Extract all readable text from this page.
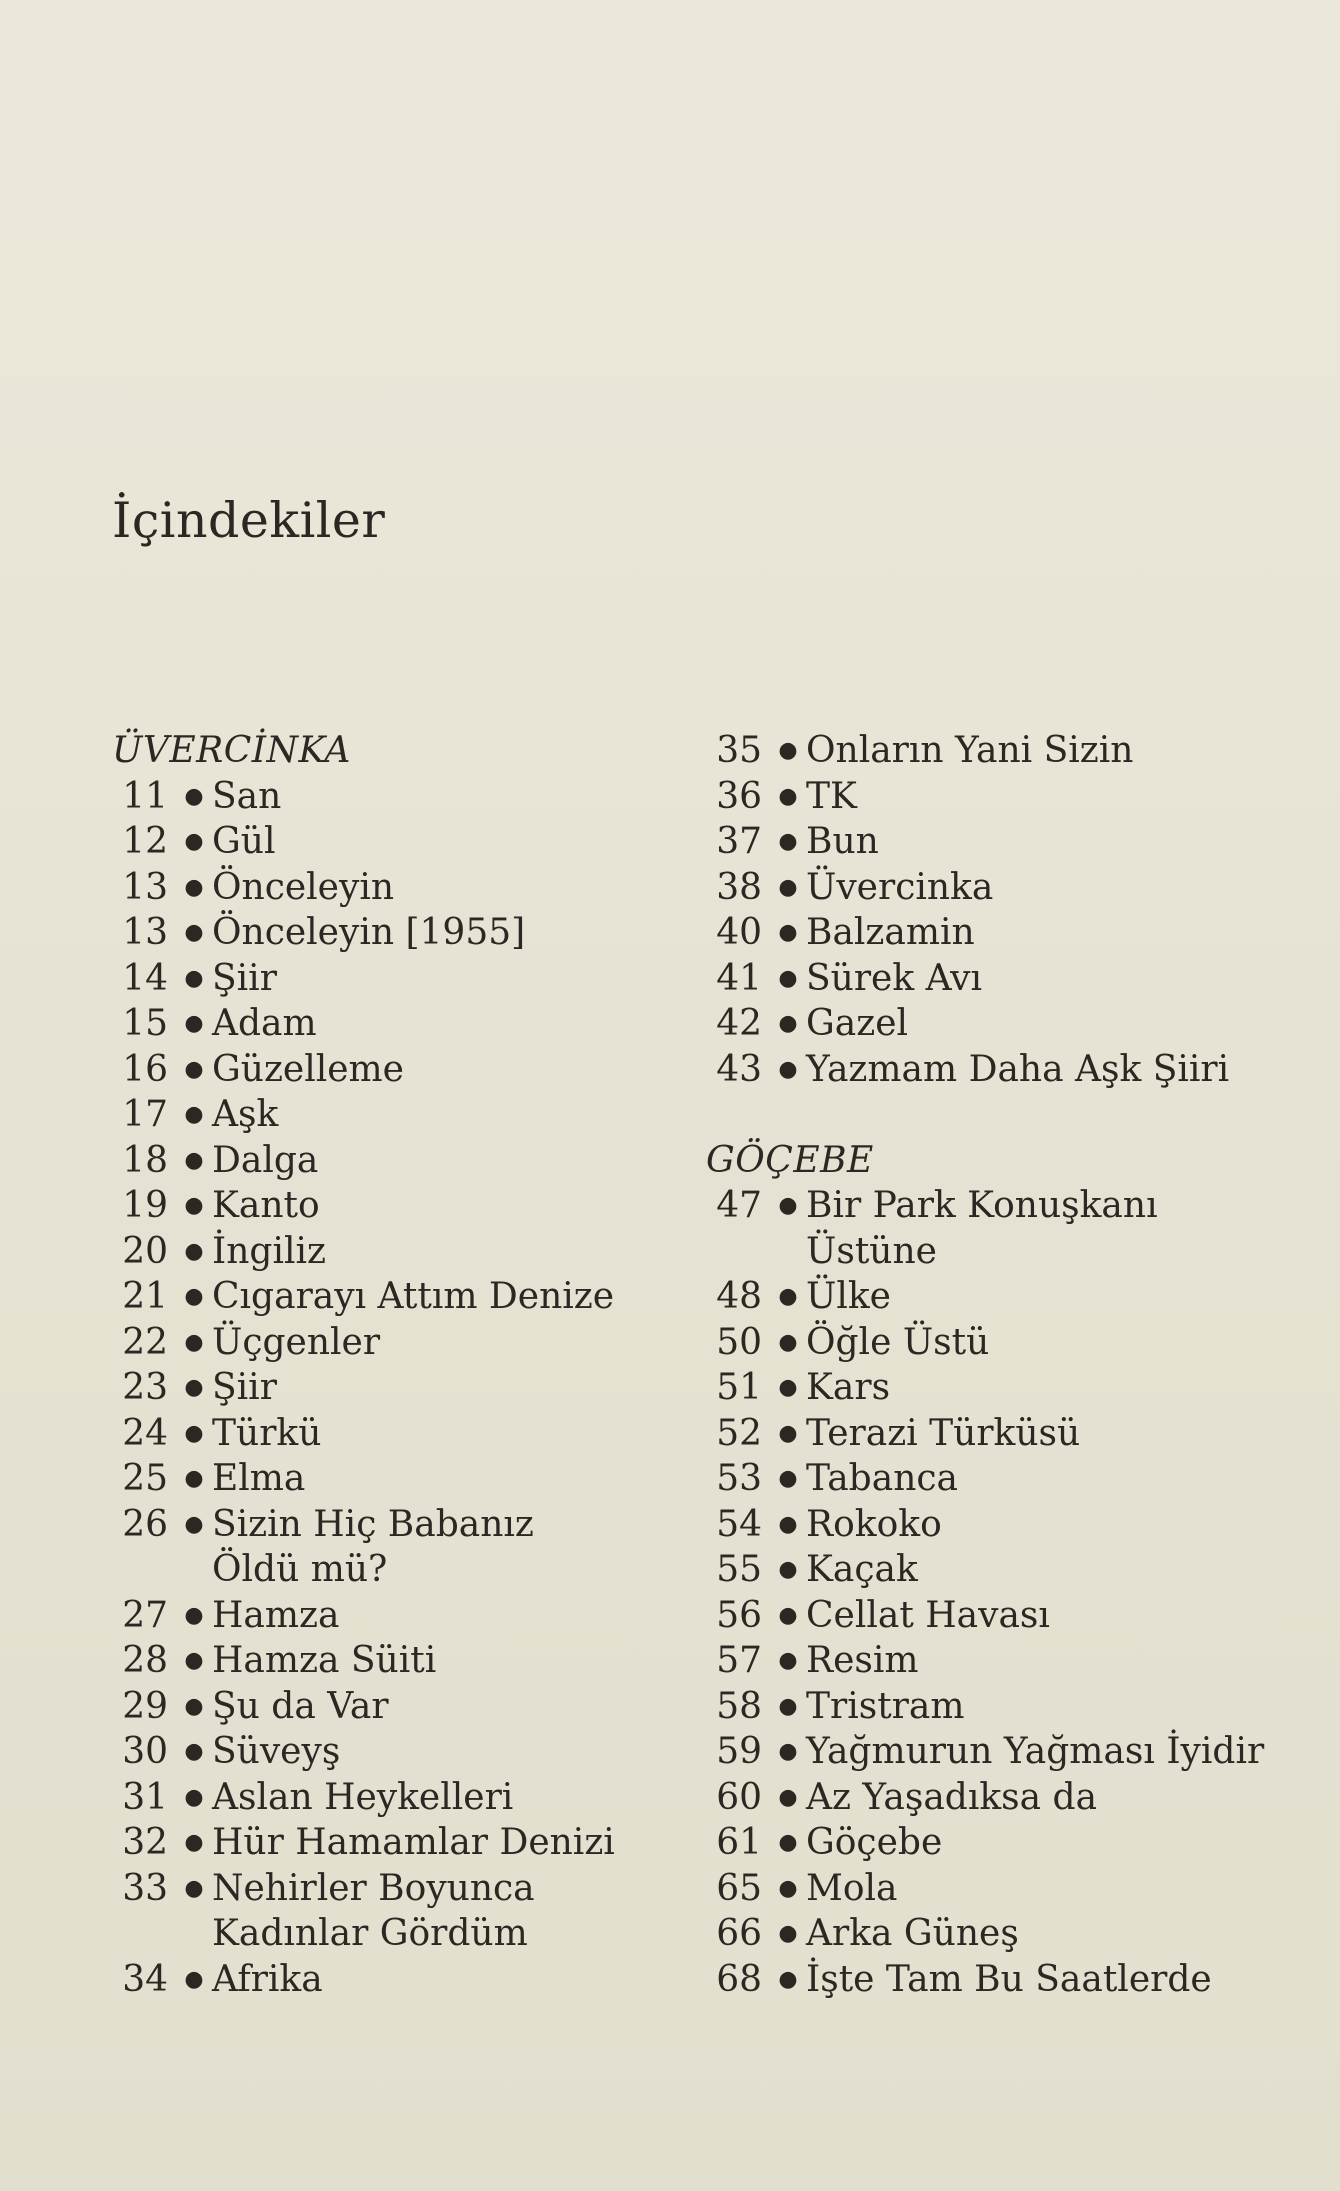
İçindekiler
ÜVERCİNKA
11 ● San
12 ● Gül
13 ● Önceleyin
13 ● Önceleyin [1955]
14 ● Şiir
15 ● Adam
16 ● Güzelleme
17 ● Aşk
18 ● Dalga
19 ● Kanto
20 ● İngiliz
21 ● Cıgarayı Attım Denize
22 ● Üçgenler
23 ● Şiir
24 ● Türkü
25 ● Elma
26 ● Sizin Hiç Babanız
Öldü mü?
27 ● Hamza
28 ● Hamza Süiti
29 ● Şu da Var
30 ● Süveyş
31 ● Aslan Heykelleri
32 ● Hür Hamamlar Denizi
33 ● Nehirler Boyunca
Kadınlar Gördüm
34 ● Afrika
35 ● Onların Yani Sizin
36 ● TK
37 ● Bun
38 ● Üvercinka
40 ● Balzamin
41 ● Sürek Avı
42 ● Gazel
43 ● Yazmam Daha Aşk Şiiri
GÖÇEBE
47 ● Bir Park Konuşkanı
Üstüne
48 ● Ülke
50 ● Öğle Üstü
51 ● Kars
52 ● Terazi Türküsü
53 ● Tabanca
54 ● Rokoko
55 ● Kaçak
56 ● Cellat Havası
57 ● Resim
58 ● Tristram
59 ● Yağmurun Yağması İyidir
60 ● Az Yaşadıksa da
61 ● Göçebe
65 ● Mola
66 ● Arka Güneş
68 ● İşte Tam Bu Saatlerde
